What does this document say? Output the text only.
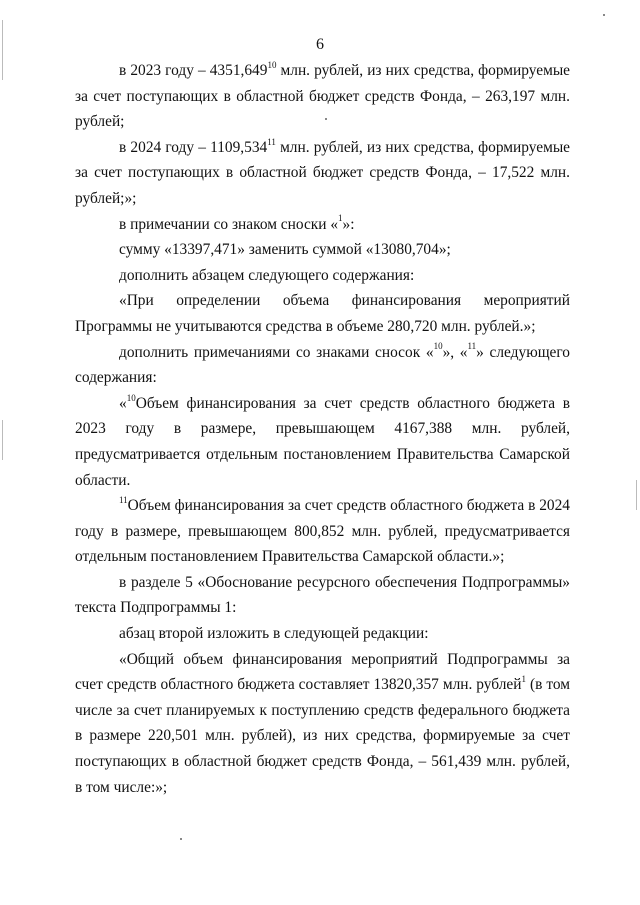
6

в 2023 году – 4351,649$^{10}$ млн. рублей, из них средства, формируемые за счет поступающих в областной бюджет средств Фонда, – 263,197 млн. рублей;

в 2024 году – 1109,534$^{11}$ млн. рублей, из них средства, формируемые за счет поступающих в областной бюджет средств Фонда, – 17,522 млн. рублей;»;

в примечании со знаком сноски «$^1$»:

сумму «13397,471» заменить суммой «13080,704»;

дополнить абзацем следующего содержания:

«При определении объема финансирования мероприятий Программы не учитываются средства в объеме 280,720 млн. рублей.»;

дополнить примечаниями со знаками сносок «$^{10}$», «$^{11}$» следующего содержания:

«$^{10}$Объем финансирования за счет средств областного бюджета в 2023 году в размере, превышающем 4167,388 млн. рублей, предусматривается отдельным постановлением Правительства Самарской области.

$^{11}$Объем финансирования за счет средств областного бюджета в 2024 году в размере, превышающем 800,852 млн. рублей, предусматривается отдельным постановлением Правительства Самарской области.»;

в разделе 5 «Обоснование ресурсного обеспечения Подпрограммы» текста Подпрограммы 1:

абзац второй изложить в следующей редакции:

«Общий объем финансирования мероприятий Подпрограммы за счет средств областного бюджета составляет 13820,357 млн. рублей$^1$ (в том числе за счет планируемых к поступлению средств федерального бюджета в размере 220,501 млн. рублей), из них средства, формируемые за счет поступающих в областной бюджет средств Фонда, – 561,439 млн. рублей, в том числе:»;
